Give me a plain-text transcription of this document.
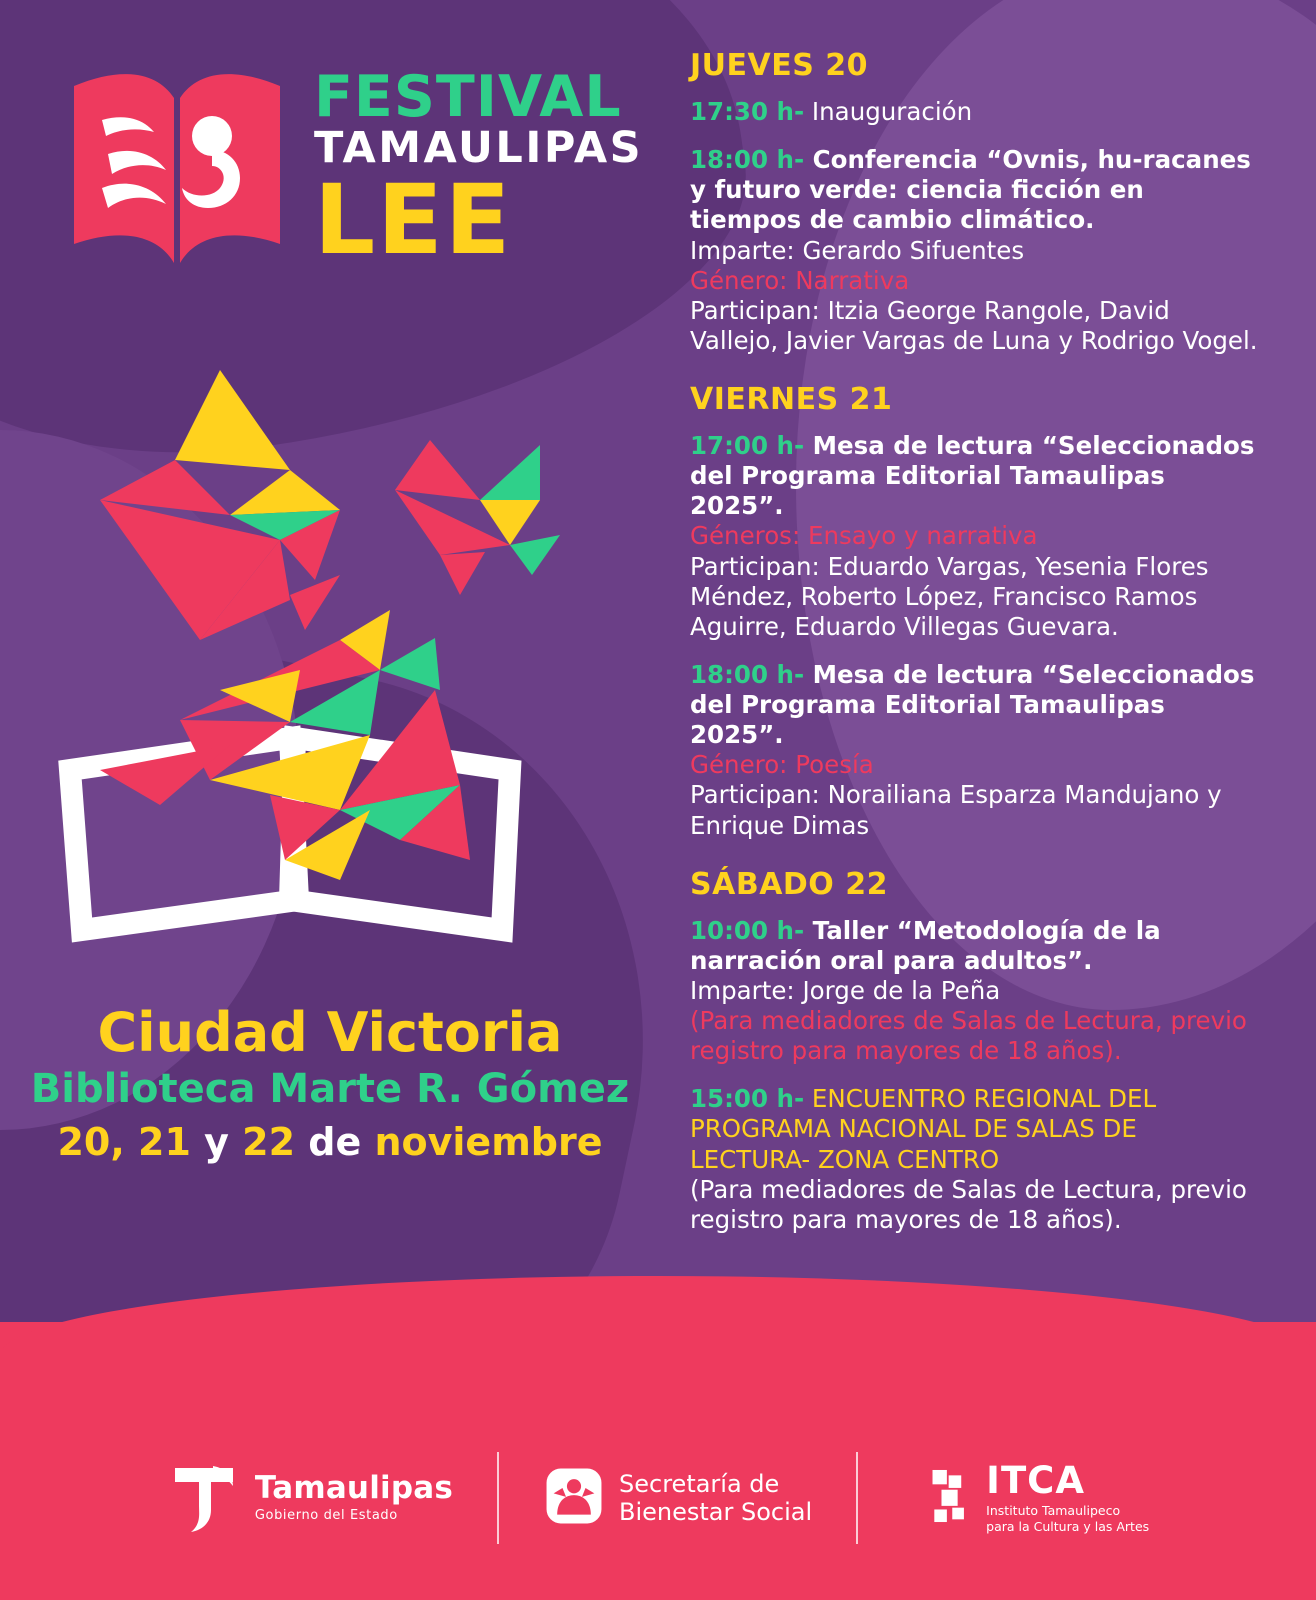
FESTIVAL
TAMAULIPAS
LEE
Ciudad Victoria
Biblioteca Marte R. Gómez
20, 21 y 22 de noviembre
JUEVES 20

17:30 h- Inauguración

18:00 h- Conferencia “Ovnis, hu-racanes y futuro verde: ciencia ficción en tiempos de cambio climático.

Imparte: Gerardo Sifuentes
Género: Narrativa
Participan: Itzia George Rangole, David Vallejo, Javier Vargas de Luna y Rodrigo Vogel.
VIERNES 21

17:00 h- Mesa de lectura “Seleccionados del Programa Editorial Tamaulipas 2025”.

Géneros: Ensayo y narrativa
Participan: Eduardo Vargas, Yesenia Flores Méndez, Roberto López, Francisco Ramos Aguirre, Eduardo Villegas Guevara.

18:00 h- Mesa de lectura “Seleccionados del Programa Editorial Tamaulipas 2025”.

Género: Poesía
Participan: Norailiana Esparza Mandujano y Enrique Dimas
SÁBADO 22

10:00 h- Taller “Metodología de la narración oral para adultos”.

Imparte: Jorge de la Peña
(Para mediadores de Salas de Lectura, previo registro para mayores de 18 años).

15:00 h- ENCUENTRO REGIONAL DEL PROGRAMA NACIONAL DE SALAS DE LECTURA- ZONA CENTRO

(Para mediadores de Salas de Lectura, previo registro para mayores de 18 años).
Tamaulipas
Gobierno del Estado
Secretaría de
Bienestar Social
ITCA
Instituto Tamaulipeco
para la Cultura y las Artes
